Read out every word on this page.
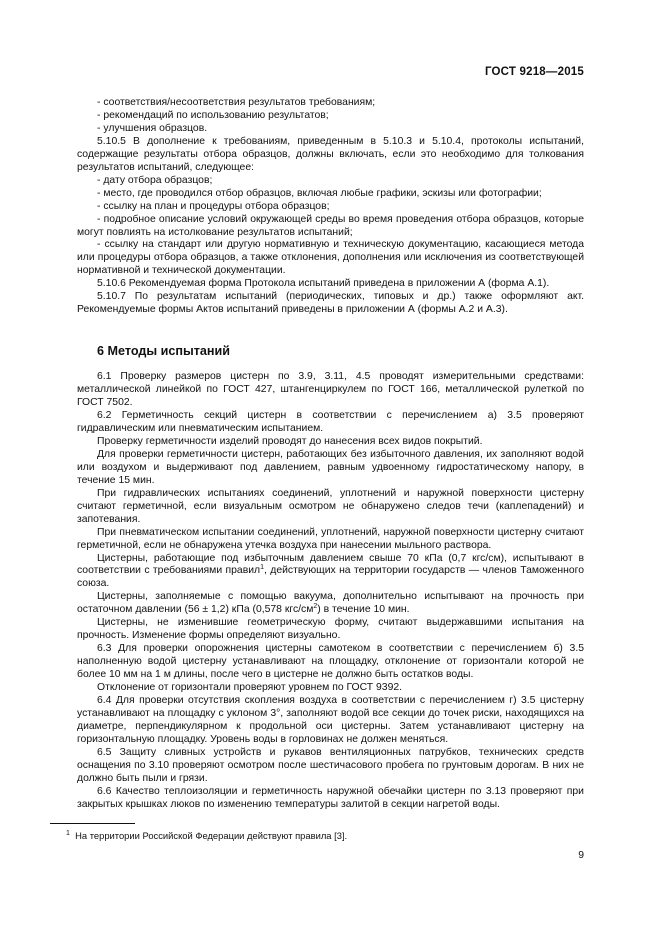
ГОСТ 9218—2015

- соответствия/несоответствия результатов требованиям;

- рекомендаций по использованию результатов;

- улучшения образцов.

5.10.5 В дополнение к требованиям, приведенным в 5.10.3 и 5.10.4, протоколы испытаний, содержащие результаты отбора образцов, должны включать, если это необходимо для толкования результатов испытаний, следующее:

- дату отбора образцов;

- место, где проводился отбор образцов, включая любые графики, эскизы или фотографии;

- ссылку на план и процедуры отбора образцов;

- подробное описание условий окружающей среды во время проведения отбора образцов, которые могут повлиять на истолкование результатов испытаний;

- ссылку на стандарт или другую нормативную и техническую документацию, касающиеся метода или процедуры отбора образцов, а также отклонения, дополнения или исключения из соответствующей нормативной и технической документации.

5.10.6 Рекомендуемая форма Протокола испытаний приведена в приложении А (форма А.1).

5.10.7 По результатам испытаний (периодических, типовых и др.) также оформляют акт. Рекомендуемые формы Актов испытаний приведены в приложении А (формы А.2 и А.3).

6 Методы испытаний

6.1 Проверку размеров цистерн по 3.9, 3.11, 4.5 проводят измерительными средствами: металлической линейкой по ГОСТ 427, штангенциркулем по ГОСТ 166, металлической рулеткой по ГОСТ 7502.

6.2 Герметичность секций цистерн в соответствии с перечислением а) 3.5 проверяют гидравлическим или пневматическим испытанием.

Проверку герметичности изделий проводят до нанесения всех видов покрытий.

Для проверки герметичности цистерн, работающих без избыточного давления, их заполняют водой или воздухом и выдерживают под давлением, равным удвоенному гидростатическому напору, в течение 15 мин.

При гидравлических испытаниях соединений, уплотнений и наружной поверхности цистерну считают герметичной, если визуальным осмотром не обнаружено следов течи (каплепадений) и запотевания.

При пневматическом испытании соединений, уплотнений, наружной поверхности цистерну считают герметичной, если не обнаружена утечка воздуха при нанесении мыльного раствора.

Цистерны, работающие под избыточным давлением свыше 70 кПа (0,7 кгс/см), испытывают в соответствии с требованиями правил$^1$, действующих на территории государств — членов Таможенного союза.

Цистерны, заполняемые с помощью вакуума, дополнительно испытывают на прочность при остаточном давлении (56 ± 1,2) кПа (0,578 кгс/$см^2$) в течение 10 мин.

Цистерны, не изменившие геометрическую форму, считают выдержавшими испытания на прочность. Изменение формы определяют визуально.

6.3 Для проверки опорожнения цистерны самотеком в соответствии с перечислением б) 3.5 наполненную водой цистерну устанавливают на площадку, отклонение от горизонтали которой не более 10 мм на 1 м длины, после чего в цистерне не должно быть остатков воды.

Отклонение от горизонтали проверяют уровнем по ГОСТ 9392.

6.4 Для проверки отсутствия скопления воздуха в соответствии с перечислением г) 3.5 цистерну устанавливают на площадку с уклоном 3°, заполняют водой все секции до точек риски, находящихся на диаметре, перпендикулярном к продольной оси цистерны. Затем устанавливают цистерну на горизонтальную площадку. Уровень воды в горловинах не должен меняться.

6.5 Защиту сливных устройств и рукавов вентиляционных патрубков, технических средств оснащения по 3.10 проверяют осмотром после шестичасового пробега по грунтовым дорогам. В них не должно быть пыли и грязи.

6.6 Качество теплоизоляции и герметичность наружной обечайки цистерн по 3.13 проверяют при закрытых крышках люков по изменению температуры залитой в секции нагретой воды.

$^1$ На территории Российской Федерации действуют правила [3].
9
